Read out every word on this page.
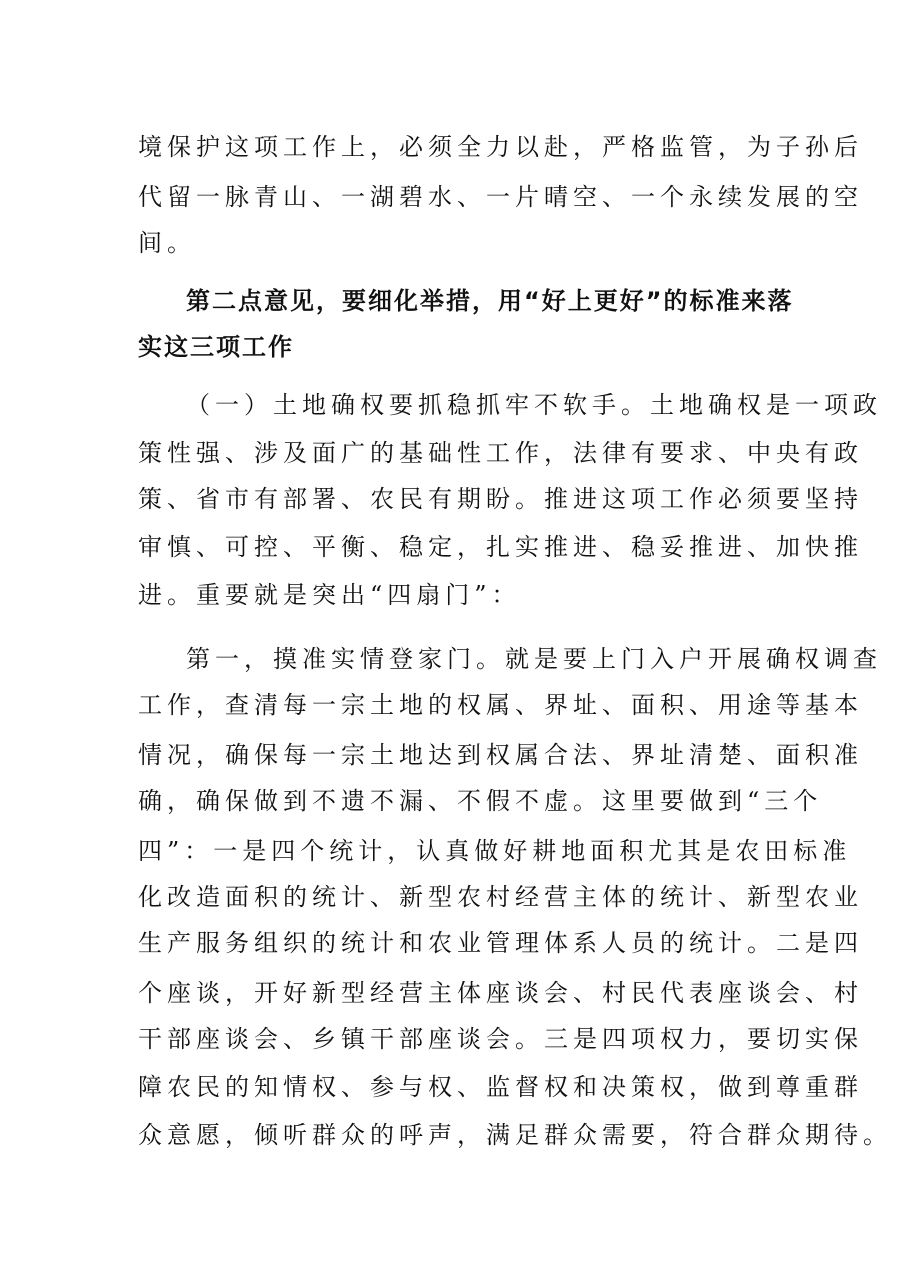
境保护这项工作上，必须全力以赴，严格监管，为子孙后
代留一脉青山、一湖碧水、一片晴空、一个永续发展的空
间。
第二点意见，要细化举措，用“好上更好”的标准来落
实这三项工作
（一）土地确权要抓稳抓牢不软手。土地确权是一项政
策性强、涉及面广的基础性工作，法律有要求、中央有政
策、省市有部署、农民有期盼。推进这项工作必须要坚持
审慎、可控、平衡、稳定，扎实推进、稳妥推进、加快推
进。重要就是突出“四扇门”：
第一，摸准实情登家门。就是要上门入户开展确权调查
工作，查清每一宗土地的权属、界址、面积、用途等基本
情况，确保每一宗土地达到权属合法、界址清楚、面积准
确，确保做到不遗不漏、不假不虚。这里要做到“三个
四”：一是四个统计，认真做好耕地面积尤其是农田标准
化改造面积的统计、新型农村经营主体的统计、新型农业
生产服务组织的统计和农业管理体系人员的统计。二是四
个座谈，开好新型经营主体座谈会、村民代表座谈会、村
干部座谈会、乡镇干部座谈会。三是四项权力，要切实保
障农民的知情权、参与权、监督权和决策权，做到尊重群
众意愿，倾听群众的呼声，满足群众需要，符合群众期待。
